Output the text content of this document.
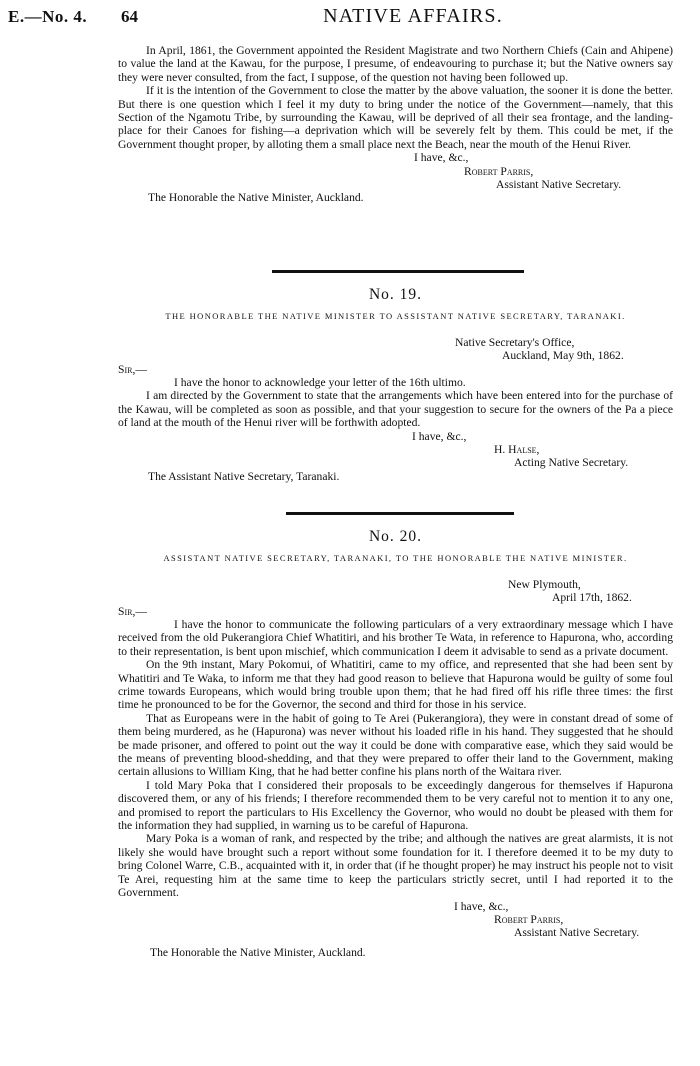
E.—No. 4. 64	NATIVE AFFAIRS.

In April, 1861, the Government appointed the Resident Magistrate and two Northern Chiefs (Cain and Ahipene) to value the land at the Kawau, for the purpose, I presume, of endeavouring to purchase it; but the Native owners say they were never consulted, from the fact, I suppose, of the question not having been followed up.

If it is the intention of the Government to close the matter by the above valuation, the sooner it is done the better. But there is one question which I feel it my duty to bring under the notice of the Government—namely, that this Section of the Ngamotu Tribe, by surrounding the Kawau, will be deprived of all their sea frontage, and the landing-place for their Canoes for fishing—a deprivation which will be severely felt by them. This could be met, if the Government thought proper, by alloting them a small place next the Beach, near the mouth of the Henui River.

I have, &c.,
Robert Parris,
Assistant Native Secretary.
The Honorable the Native Minister, Auckland.
No. 19.
THE HONORABLE THE NATIVE MINISTER TO ASSISTANT NATIVE SECRETARY, TARANAKI.
Native Secretary's Office,
Auckland, May 9th, 1862.
Sir,—

I have the honor to acknowledge your letter of the 16th ultimo.

I am directed by the Government to state that the arrangements which have been entered into for the purchase of the Kawau, will be completed as soon as possible, and that your suggestion to secure for the owners of the Pa a piece of land at the mouth of the Henui river will be forthwith adopted.

I have, &c.,
H. Halse,
Acting Native Secretary.
The Assistant Native Secretary, Taranaki.
No. 20.
ASSISTANT NATIVE SECRETARY, TARANAKI, TO THE HONORABLE THE NATIVE MINISTER.
New Plymouth,
April 17th, 1862.
Sir,—

I have the honor to communicate the following particulars of a very extraordinary message which I have received from the old Pukerangiora Chief Whatitiri, and his brother Te Wata, in reference to Hapurona, who, according to their representation, is bent upon mischief, which communication I deem it advisable to send as a private document.

On the 9th instant, Mary Pokomui, of Whatitiri, came to my office, and represented that she had been sent by Whatitiri and Te Waka, to inform me that they had good reason to believe that Hapurona would be guilty of some foul crime towards Europeans, which would bring trouble upon them; that he had fired off his rifle three times: the first time he pronounced to be for the Governor, the second and third for those in his service.

That as Europeans were in the habit of going to Te Arei (Pukerangiora), they were in constant dread of some of them being murdered, as he (Hapurona) was never without his loaded rifle in his hand. They suggested that he should be made prisoner, and offered to point out the way it could be done with comparative ease, which they said would be the means of preventing blood-shedding, and that they were prepared to offer their land to the Government, making certain allusions to William King, that he had better confine his plans north of the Waitara river.

I told Mary Poka that I considered their proposals to be exceedingly dangerous for themselves if Hapurona discovered them, or any of his friends; I therefore recommended them to be very careful not to mention it to any one, and promised to report the particulars to His Excellency the Governor, who would no doubt be pleased with them for the information they had supplied, in warning us to be careful of Hapurona.

Mary Poka is a woman of rank, and respected by the tribe; and although the natives are great alarmists, it is not likely she would have brought such a report without some foundation for it. I therefore deemed it to be my duty to bring Colonel Warre, C.B., acquainted with it, in order that (if he thought proper) he may instruct his people not to visit Te Arei, requesting him at the same time to keep the particulars strictly secret, until I had reported it to the Government.

I have, &c.,
Robert Parris,
Assistant Native Secretary.
The Honorable the Native Minister, Auckland.
